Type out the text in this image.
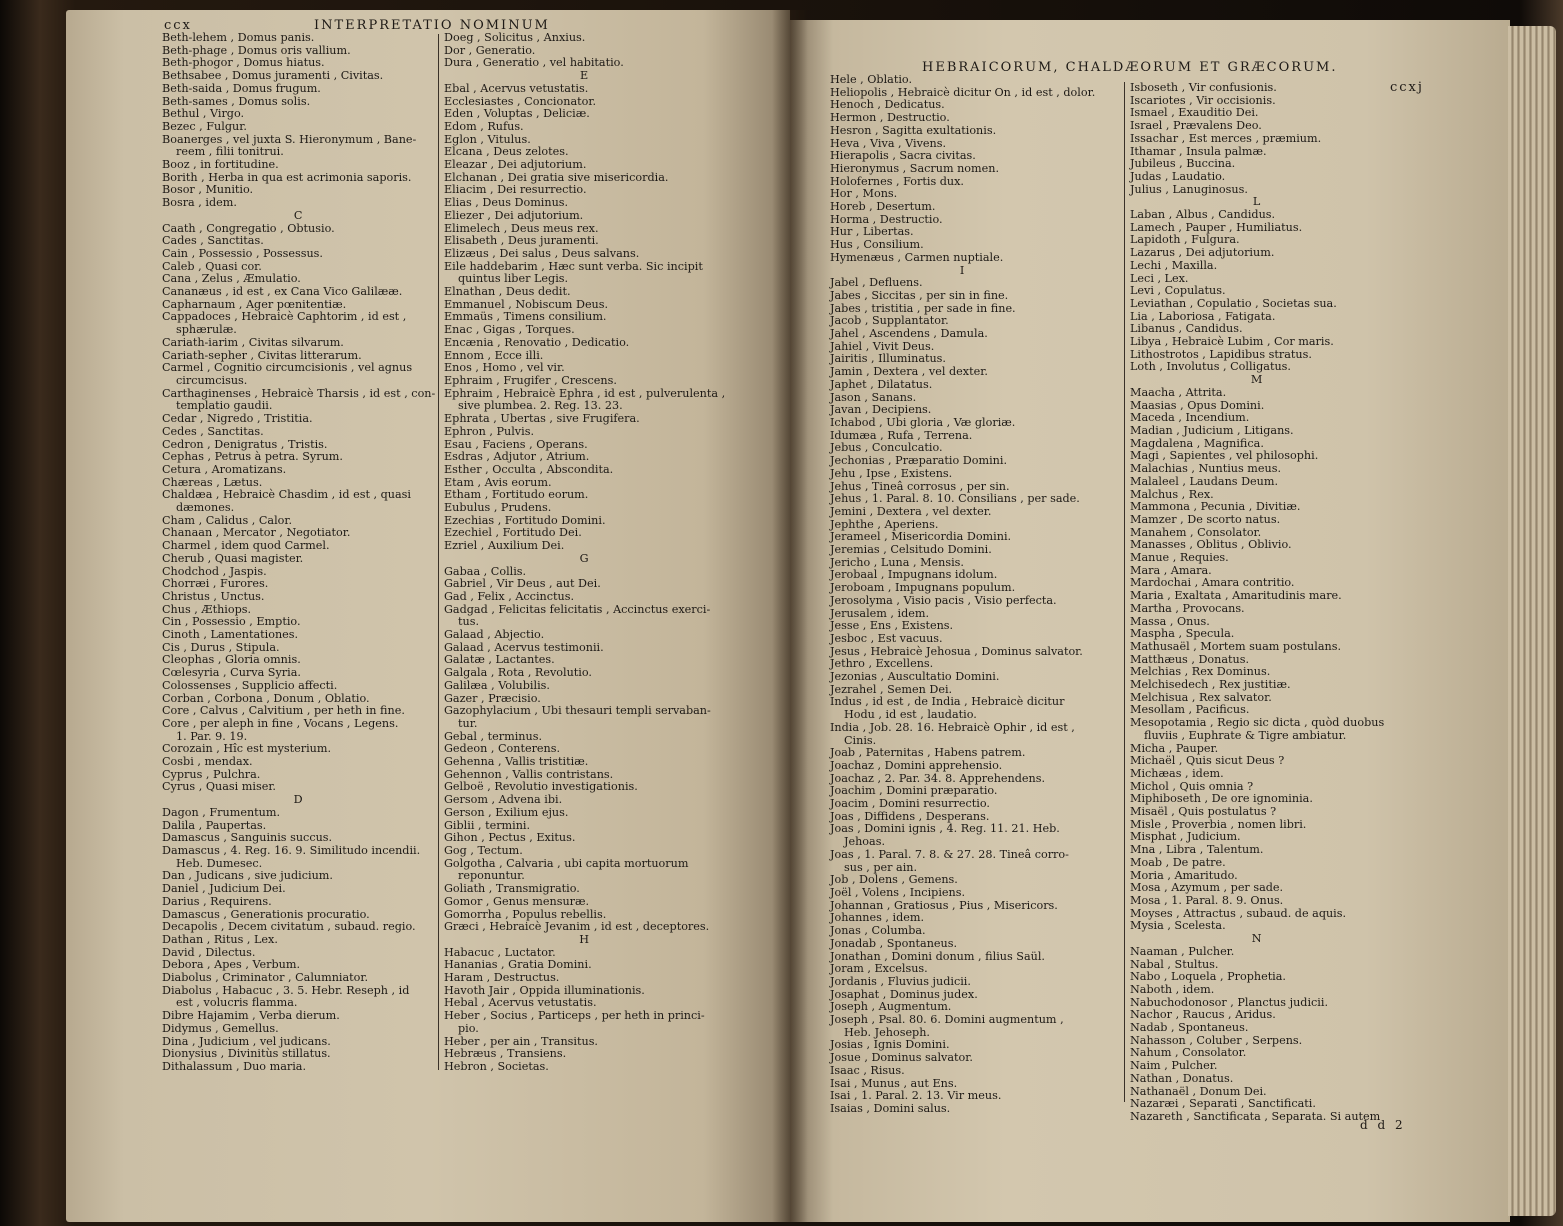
ccx	INTERPRETATIO NOMINUM
Beth-lehem , Domus panis.
Beth-phage , Domus oris vallium.
Beth-phogor , Domus hiatus.
Bethsabee , Domus juramenti , Civitas.
Beth-saida , Domus frugum.
Beth-sames , Domus solis.
Bethul , Virgo.
Bezec , Fulgur.
Boanerges , vel juxta S. Hieronymum , Bane-
reem , filii tonitrui.
Booz , in fortitudine.
Borith , Herba in qua est acrimonia saporis.
Bosor , Munitio.
Bosra , idem.
C
Caath , Congregatio , Obtusio.
Cades , Sanctitas.
Cain , Possessio , Possessus.
Caleb , Quasi cor.
Cana , Zelus , Æmulatio.
Cananæus , id est , ex Cana Vico Galilææ.
Capharnaum , Ager pœnitentiæ.
Cappadoces , Hebraicè Caphtorim , id est ,
sphærulæ.
Cariath-iarim , Civitas silvarum.
Cariath-sepher , Civitas litterarum.
Carmel , Cognitio circumcisionis , vel agnus
circumcisus.
Carthaginenses , Hebraicè Tharsis , id est , con-
templatio gaudii.
Cedar , Nigredo , Tristitia.
Cedes , Sanctitas.
Cedron , Denigratus , Tristis.
Cephas , Petrus à petra. Syrum.
Cetura , Aromatizans.
Chæreas , Lætus.
Chaldæa , Hebraicè Chasdim , id est , quasi
dæmones.
Cham , Calidus , Calor.
Chanaan , Mercator , Negotiator.
Charmel , idem quod Carmel.
Cherub , Quasi magister.
Chodchod , Jaspis.
Chorræi , Furores.
Christus , Unctus.
Chus , Æthiops.
Cin , Possessio , Emptio.
Cinoth , Lamentationes.
Cis , Durus , Stipula.
Cleophas , Gloria omnis.
Cœlesyria , Curva Syria.
Colossenses , Supplicio affecti.
Corban , Corbona , Donum , Oblatio.
Core , Calvus , Calvitium , per heth in fine.
Core , per aleph in fine , Vocans , Legens.
1. Par. 9. 19.
Corozain , Hîc est mysterium.
Cosbi , mendax.
Cyprus , Pulchra.
Cyrus , Quasi miser.
D
Dagon , Frumentum.
Dalila , Paupertas.
Damascus , Sanguinis succus.
Damascus , 4. Reg. 16. 9. Similitudo incendii.
Heb. Dumesec.
Dan , Judicans , sive judicium.
Daniel , Judicium Dei.
Darius , Requirens.
Damascus , Generationis procuratio.
Decapolis , Decem civitatum , subaud. regio.
Dathan , Ritus , Lex.
David , Dilectus.
Debora , Apes , Verbum.
Diabolus , Criminator , Calumniator.
Diabolus , Habacuc , 3. 5. Hebr. Reseph , id
est , volucris flamma.
Dibre Hajamim , Verba dierum.
Didymus , Gemellus.
Dina , Judicium , vel judicans.
Dionysius , Divinitùs stillatus.
Dithalassum , Duo maria.
Doeg , Solicitus , Anxius.
Dor , Generatio.
Dura , Generatio , vel habitatio.
E
Ebal , Acervus vetustatis.
Ecclesiastes , Concionator.
Eden , Voluptas , Deliciæ.
Edom , Rufus.
Eglon , Vitulus.
Elcana , Deus zelotes.
Eleazar , Dei adjutorium.
Elchanan , Dei gratia sive misericordia.
Eliacim , Dei resurrectio.
Elias , Deus Dominus.
Eliezer , Dei adjutorium.
Elimelech , Deus meus rex.
Elisabeth , Deus juramenti.
Elizæus , Dei salus , Deus salvans.
Eile haddebarim , Hæc sunt verba. Sic incipit
quintus liber Legis.
Elnathan , Deus dedit.
Emmanuel , Nobiscum Deus.
Emmaüs , Timens consilium.
Enac , Gigas , Torques.
Encænia , Renovatio , Dedicatio.
Ennom , Ecce illi.
Enos , Homo , vel vir.
Ephraim , Frugifer , Crescens.
Ephraim , Hebraicè Ephra , id est , pulverulenta ,
sive plumbea. 2. Reg. 13. 23.
Ephrata , Ubertas , sive Frugifera.
Ephron , Pulvis.
Esau , Faciens , Operans.
Esdras , Adjutor , Atrium.
Esther , Occulta , Abscondita.
Etam , Avis eorum.
Etham , Fortitudo eorum.
Eubulus , Prudens.
Ezechias , Fortitudo Domini.
Ezechiel , Fortitudo Dei.
Ezriel , Auxilium Dei.
G
Gabaa , Collis.
Gabriel , Vir Deus , aut Dei.
Gad , Felix , Accinctus.
Gadgad , Felicitas felicitatis , Accinctus exerci-
tus.
Galaad , Abjectio.
Galaad , Acervus testimonii.
Galatæ , Lactantes.
Galgala , Rota , Revolutio.
Galilæa , Volubilis.
Gazer , Præcisio.
Gazophylacium , Ubi thesauri templi servaban-
tur.
Gebal , terminus.
Gedeon , Conterens.
Gehenna , Vallis tristitiæ.
Gehennon , Vallis contristans.
Gelboë , Revolutio investigationis.
Gersom , Advena ibi.
Gerson , Exilium ejus.
Giblii , termini.
Gihon , Pectus , Exitus.
Gog , Tectum.
Golgotha , Calvaria , ubi capita mortuorum
reponuntur.
Goliath , Transmigratio.
Gomor , Genus mensuræ.
Gomorrha , Populus rebellis.
Græci , Hebraicè Jevanim , id est , deceptores.
H
Habacuc , Luctator.
Hananias , Gratia Domini.
Haram , Destructus.
Havoth Jair , Oppida illuminationis.
Hebal , Acervus vetustatis.
Heber , Socius , Particeps , per heth in princi-
pio.
Heber , per ain , Transitus.
Hebræus , Transiens.
Hebron , Societas.
HEBRAICORUM, CHALDÆORUM ET GRÆCORUM.
ccxj
Hele , Oblatio.
Heliopolis , Hebraicè dicitur On , id est , dolor.
Henoch , Dedicatus.
Hermon , Destructio.
Hesron , Sagitta exultationis.
Heva , Viva , Vivens.
Hierapolis , Sacra civitas.
Hieronymus , Sacrum nomen.
Holofernes , Fortis dux.
Hor , Mons.
Horeb , Desertum.
Horma , Destructio.
Hur , Libertas.
Hus , Consilium.
Hymenæus , Carmen nuptiale.
I
Jabel , Defluens.
Jabes , Siccitas , per sin in fine.
Jabes , tristitia , per sade in fine.
Jacob , Supplantator.
Jahel , Ascendens , Damula.
Jahiel , Vivit Deus.
Jairitis , Illuminatus.
Jamin , Dextera , vel dexter.
Japhet , Dilatatus.
Jason , Sanans.
Javan , Decipiens.
Ichabod , Ubi gloria , Væ gloriæ.
Idumæa , Rufa , Terrena.
Jebus , Conculcatio.
Jechonias , Præparatio Domini.
Jehu , Ipse , Existens.
Jehus , Tineâ corrosus , per sin.
Jehus , 1. Paral. 8. 10. Consilians , per sade.
Jemini , Dextera , vel dexter.
Jephthe , Aperiens.
Jerameel , Misericordia Domini.
Jeremias , Celsitudo Domini.
Jericho , Luna , Mensis.
Jerobaal , Impugnans idolum.
Jeroboam , Impugnans populum.
Jerosolyma , Visio pacis , Visio perfecta.
Jerusalem , idem.
Jesse , Ens , Existens.
Jesboc , Est vacuus.
Jesus , Hebraicè Jehosua , Dominus salvator.
Jethro , Excellens.
Jezonias , Auscultatio Domini.
Jezrahel , Semen Dei.
Indus , id est , de India , Hebraicè dicitur
Hodu , id est , laudatio.
India , Job. 28. 16. Hebraicè Ophir , id est ,
Cinis.
Joab , Paternitas , Habens patrem.
Joachaz , Domini apprehensio.
Joachaz , 2. Par. 34. 8. Apprehendens.
Joachim , Domini præparatio.
Joacim , Domini resurrectio.
Joas , Diffidens , Desperans.
Joas , Domini ignis , 4. Reg. 11. 21. Heb.
Jehoas.
Joas , 1. Paral. 7. 8. & 27. 28. Tineâ corro-
sus , per ain.
Job , Dolens , Gemens.
Joël , Volens , Incipiens.
Johannan , Gratiosus , Pius , Misericors.
Johannes , idem.
Jonas , Columba.
Jonadab , Spontaneus.
Jonathan , Domini donum , filius Saül.
Joram , Excelsus.
Jordanis , Fluvius judicii.
Josaphat , Dominus judex.
Joseph , Augmentum.
Joseph , Psal. 80. 6. Domini augmentum ,
Heb. Jehoseph.
Josias , Ignis Domini.
Josue , Dominus salvator.
Isaac , Risus.
Isai , Munus , aut Ens.
Isai , 1. Paral. 2. 13. Vir meus.
Isaias , Domini salus.
Isboseth , Vir confusionis.
Iscariotes , Vir occisionis.
Ismael , Exauditio Dei.
Israel , Prævalens Deo.
Issachar , Est merces , præmium.
Ithamar , Insula palmæ.
Jubileus , Buccina.
Judas , Laudatio.
Julius , Lanuginosus.
L
Laban , Albus , Candidus.
Lamech , Pauper , Humiliatus.
Lapidoth , Fulgura.
Lazarus , Dei adjutorium.
Lechi , Maxilla.
Leci , Lex.
Levi , Copulatus.
Leviathan , Copulatio , Societas sua.
Lia , Laboriosa , Fatigata.
Libanus , Candidus.
Libya , Hebraicè Lubim , Cor maris.
Lithostrotos , Lapidibus stratus.
Loth , Involutus , Colligatus.
M
Maacha , Attrita.
Maasias , Opus Domini.
Maceda , Incendium.
Madian , Judicium , Litigans.
Magdalena , Magnifica.
Magi , Sapientes , vel philosophi.
Malachias , Nuntius meus.
Malaleel , Laudans Deum.
Malchus , Rex.
Mammona , Pecunia , Divitiæ.
Mamzer , De scorto natus.
Manahem , Consolator.
Manasses , Oblitus , Oblivio.
Manue , Requies.
Mara , Amara.
Mardochai , Amara contritio.
Maria , Exaltata , Amaritudinis mare.
Martha , Provocans.
Massa , Onus.
Maspha , Specula.
Mathusaël , Mortem suam postulans.
Matthæus , Donatus.
Melchias , Rex Dominus.
Melchisedech , Rex justitiæ.
Melchisua , Rex salvator.
Mesollam , Pacificus.
Mesopotamia , Regio sic dicta , quòd duobus
fluviis , Euphrate & Tigre ambiatur.
Micha , Pauper.
Michaël , Quis sicut Deus ?
Michæas , idem.
Michol , Quis omnia ?
Miphiboseth , De ore ignominia.
Misaël , Quis postulatus ?
Misle , Proverbia , nomen libri.
Misphat , Judicium.
Mna , Libra , Talentum.
Moab , De patre.
Moria , Amaritudo.
Mosa , Azymum , per sade.
Mosa , 1. Paral. 8. 9. Onus.
Moyses , Attractus , subaud. de aquis.
Mysia , Scelesta.
N
Naaman , Pulcher.
Nabal , Stultus.
Nabo , Loquela , Prophetia.
Naboth , idem.
Nabuchodonosor , Planctus judicii.
Nachor , Raucus , Aridus.
Nadab , Spontaneus.
Nahasson , Coluber , Serpens.
Nahum , Consolator.
Naim , Pulcher.
Nathan , Donatus.
Nathanaël , Donum Dei.
Nazaræi , Separati , Sanctificati.
Nazareth , Sanctificata , Separata. Si autem
d d 2
